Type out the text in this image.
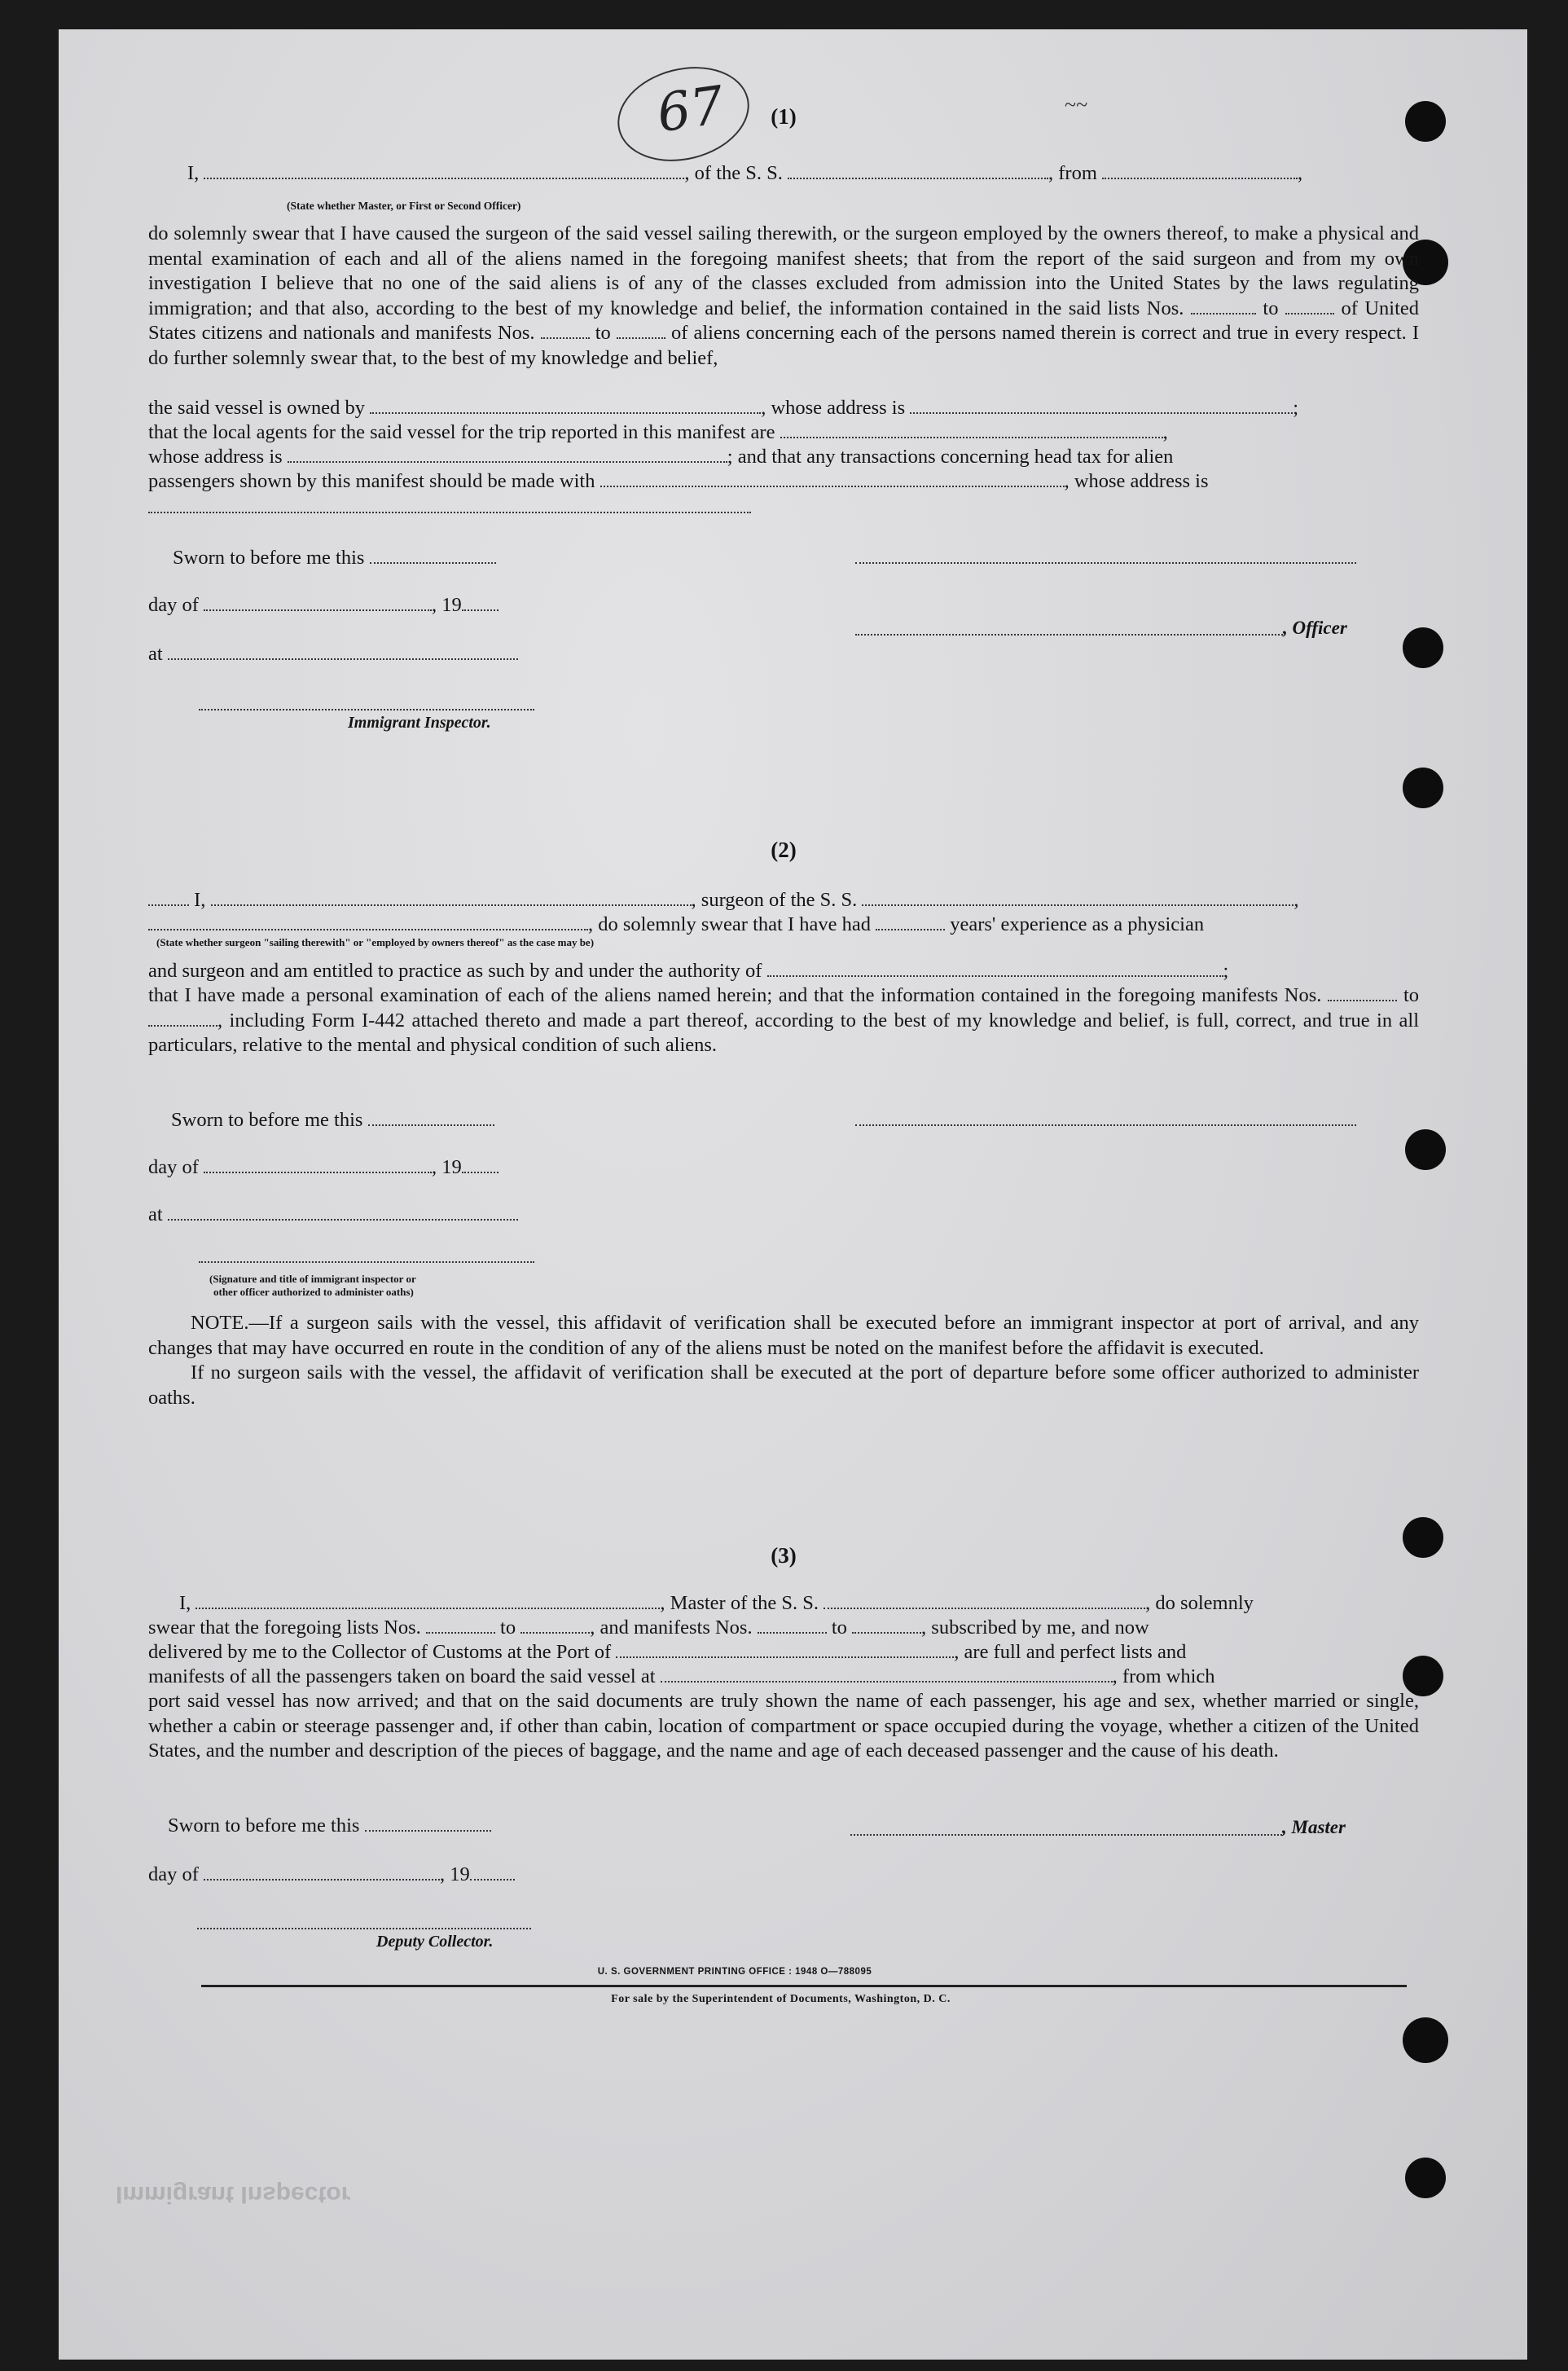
~~
Immigrant Inspector
67	(1)
I,	, of the S. S.	, from	,
(State whether Master, or First or Second Officer)

do solemnly swear that I have caused the surgeon of the said vessel sailing therewith, or the surgeon employed by the owners thereof, to make a physical and mental examination of each and all of the aliens named in the foregoing manifest sheets; that from the report of the said surgeon and from my own investigation I believe that no one of the said aliens is of any of the classes excluded from admission into the United States by the laws regulating immigration; and that also, according to the best of my knowledge and belief, the information contained in the said lists Nos.	to	of United States citizens and nationals and manifests Nos.	to	of aliens concerning each of the persons named therein is correct and true in every respect. I do further solemnly swear that, to the best of my knowledge and belief,

the said vessel is owned by	, whose address is	;
that the local agents for the said vessel for the trip reported in this manifest are	,
whose address is	; and that any transactions concerning head tax for alien
passengers shown by this manifest should be made with	, whose address is
Sworn to before me this
day of	, 19
, Officer
at
Immigrant Inspector.
(2)
I,	, surgeon of the S. S.	,
, do solemnly swear that I have had	years' experience as a physician
(State whether surgeon "sailing therewith" or "employed by owners thereof" as the case may be)
and surgeon and am entitled to practice as such by and under the authority of	;

that I have made a personal examination of each of the aliens named herein; and that the information contained in the foregoing manifests Nos.	to , including Form I-442 attached thereto and made a part thereof, according to the best of my knowledge and belief, is full, correct, and true in all particulars, relative to the mental and physical condition of such aliens.

Sworn to before me this
day of	, 19
at
(Signature and title of immigrant inspector or
other officer authorized to administer oaths)

NOTE.—If a surgeon sails with the vessel, this affidavit of verification shall be executed before an immigrant inspector at port of arrival, and any changes that may have occurred en route in the condition of any of the aliens must be noted on the manifest before the affidavit is executed.

If no surgeon sails with the vessel, the affidavit of verification shall be executed at the port of departure before some officer authorized to administer oaths.

(3)
I,	, Master of the S. S.	, do solemnly
swear that the foregoing lists Nos.	to	, and manifests Nos.	to	, subscribed by me, and now
delivered by me to the Collector of Customs at the Port of	, are full and perfect lists and
manifests of all the passengers taken on board the said vessel at	, from which

port said vessel has now arrived; and that on the said documents are truly shown the name of each passenger, his age and sex, whether married or single, whether a cabin or steerage passenger and, if other than cabin, location of compartment or space occupied during the voyage, whether a citizen of the United States, and the number and description of the pieces of baggage, and the name and age of each deceased passenger and the cause of his death.

Sworn to before me this	, Master
day of	, 19
Deputy Collector.
U. S. GOVERNMENT PRINTING OFFICE : 1948 O—788095
For sale by the Superintendent of Documents, Washington, D. C.
